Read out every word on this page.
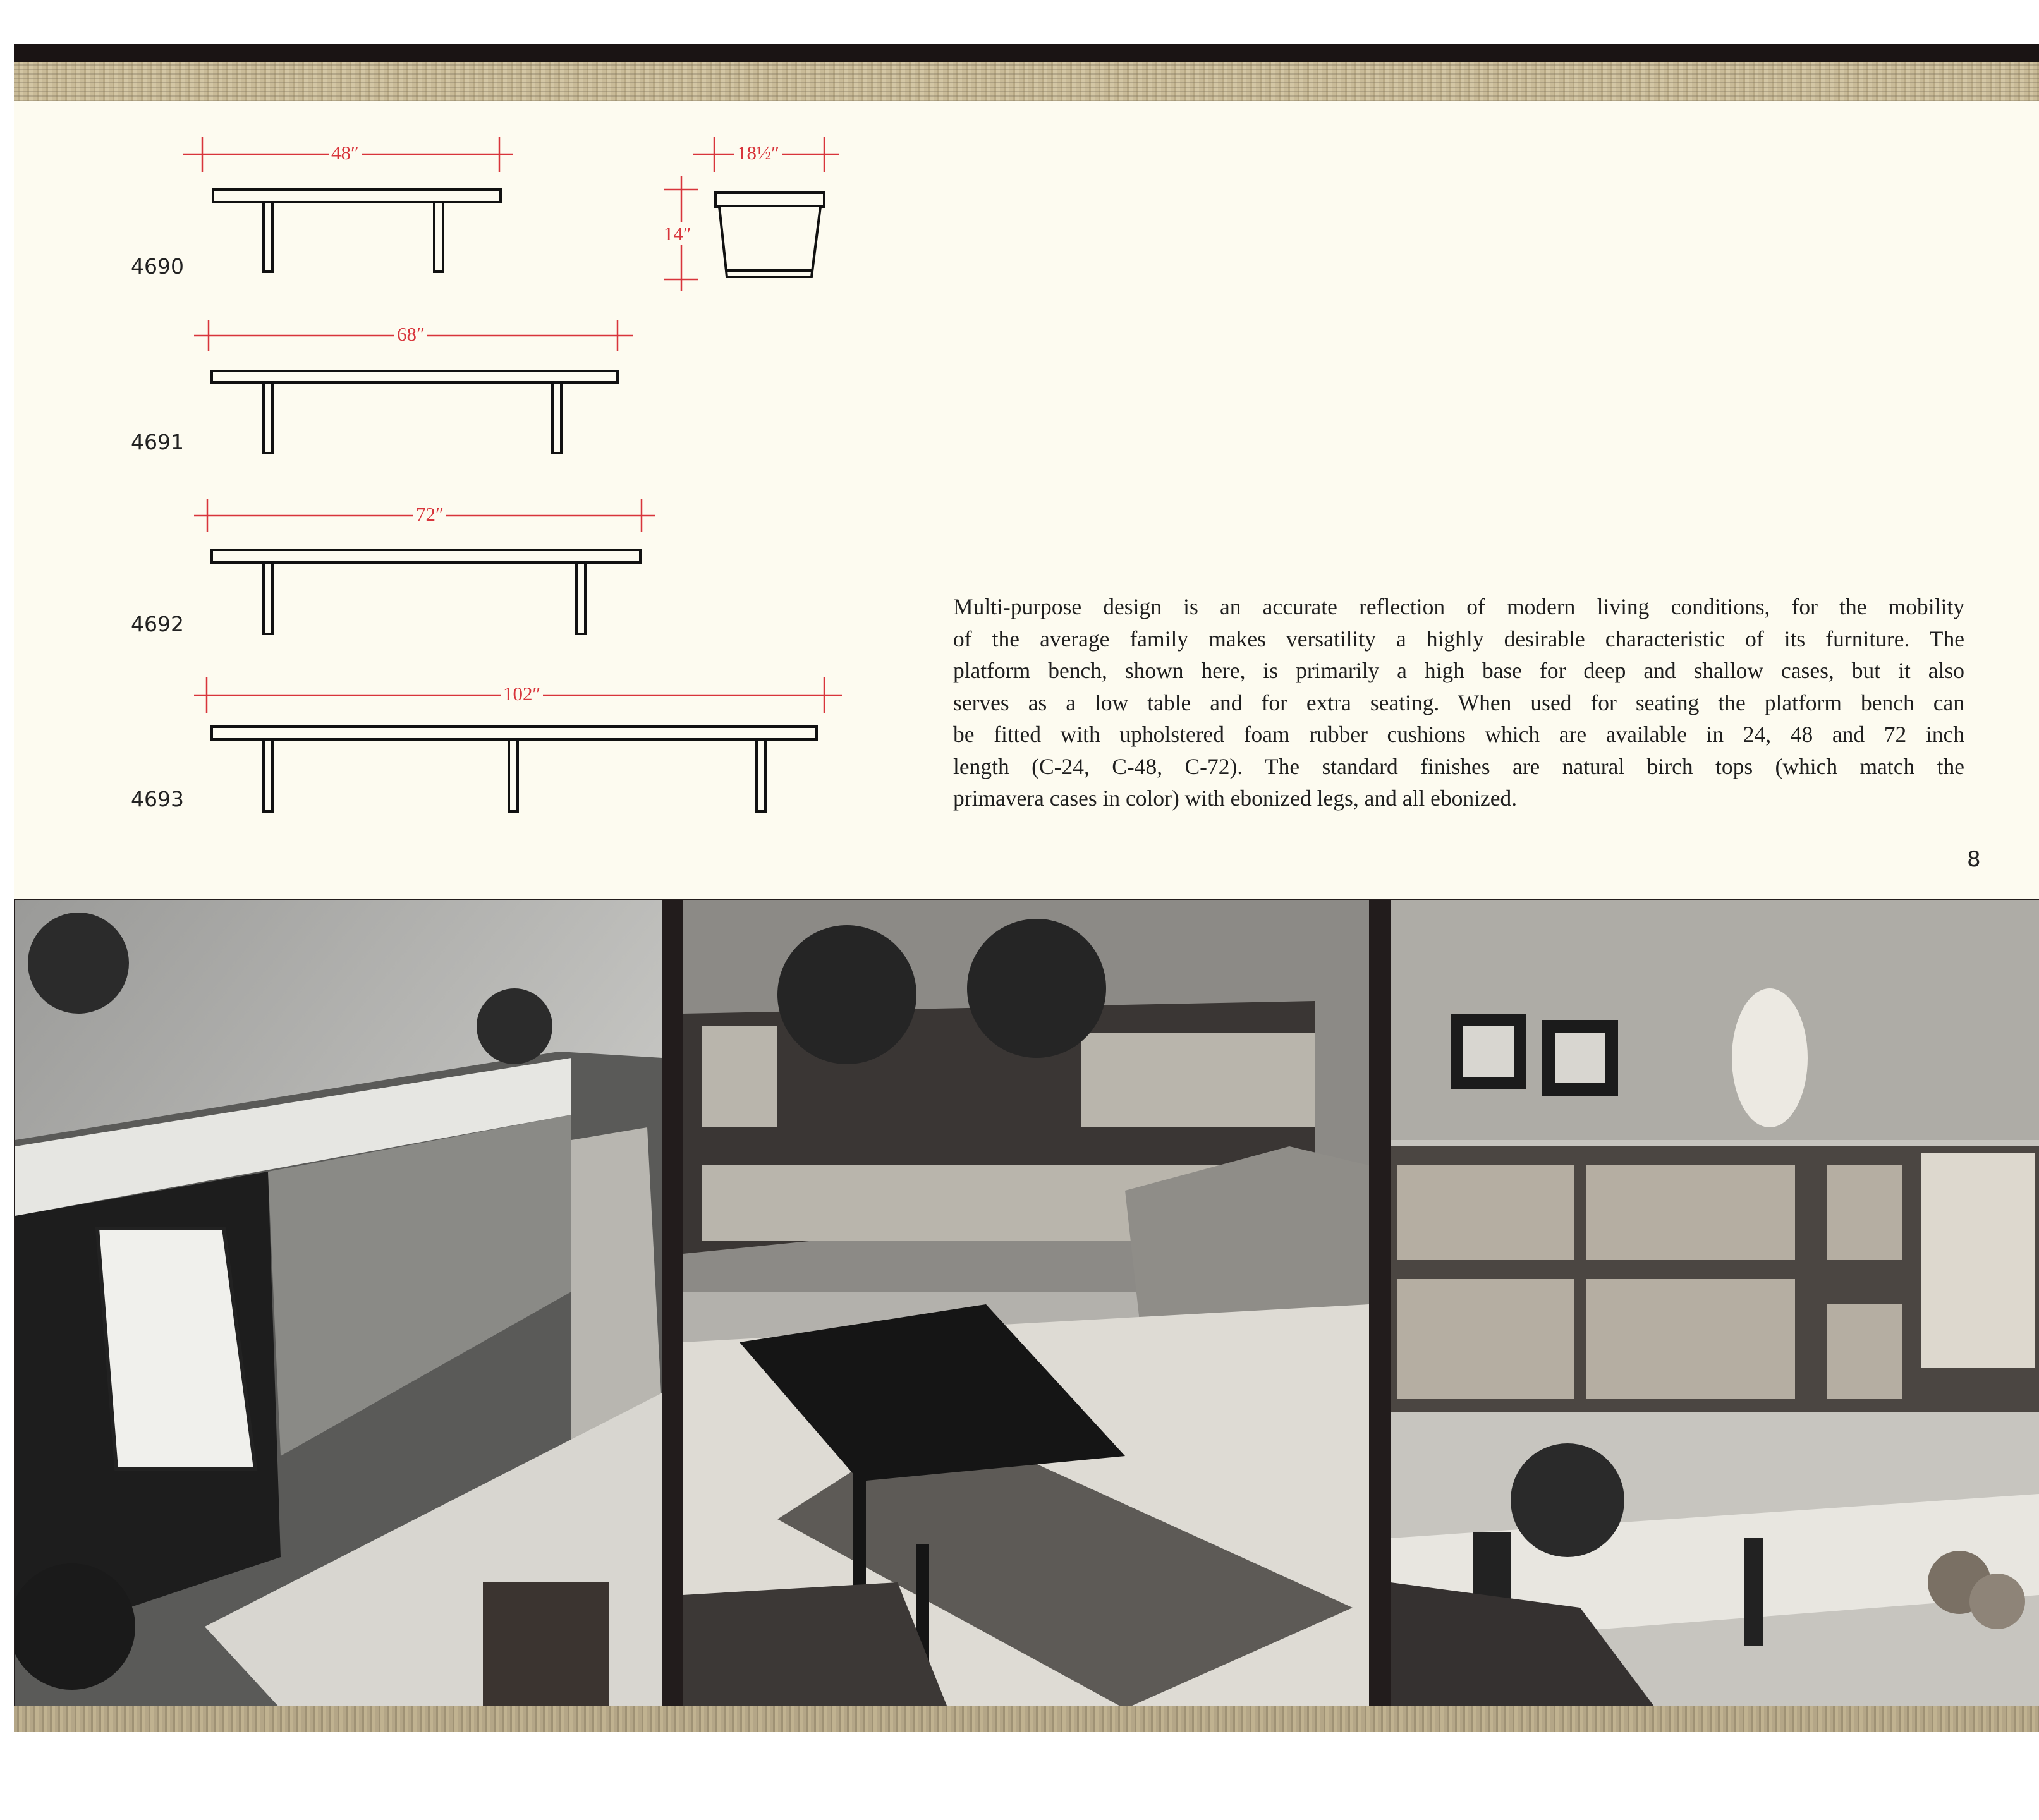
48″	18½″
14″
68″
72″
102″
4690
4691
4692
4693
Multi-purpose design is an accurate reflection of modern living conditions, for the mobility
of the average family makes versatility a highly desirable characteristic of its furniture. The
platform bench, shown here, is primarily a high base for deep and shallow cases, but it also
serves as a low table and for extra seating. When used for seating the platform bench can
be fitted with upholstered foam rubber cushions which are available in 24, 48 and 72 inch
length (C-24, C-48, C-72). The standard finishes are natural birch tops (which match the
primavera cases in color) with ebonized legs, and all ebonized.
8
